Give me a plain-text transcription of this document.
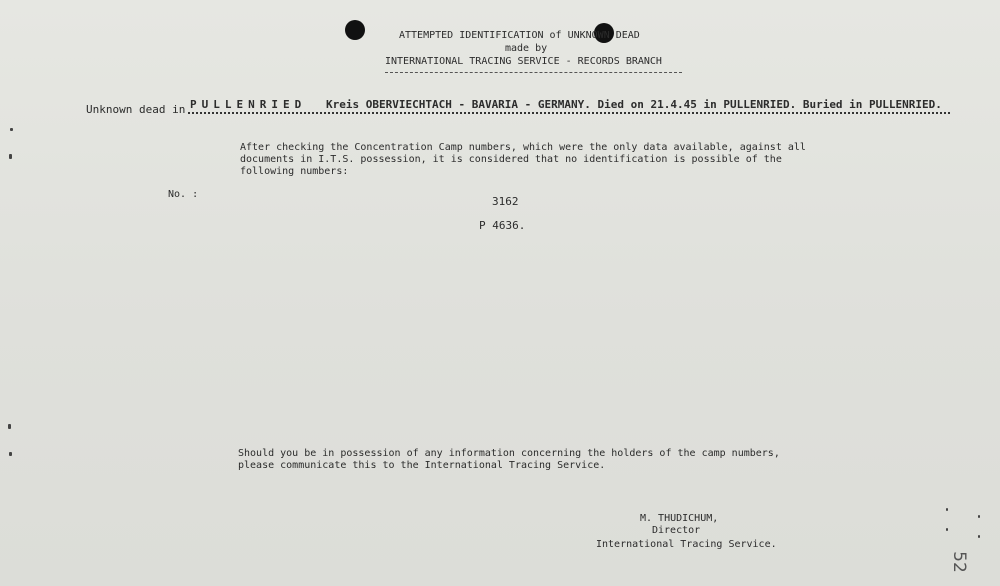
ATTEMPTED IDENTIFICATION of UNKNOWN DEAD
made by
INTERNATIONAL TRACING SERVICE - RECORDS BRANCH
Unknown dead in PULLENRIED Kreis OBERVIECHTACH - BAVARIA - GERMANY. Died on 21.4.45 in PULLENRIED. Buried in PULLENRIED.
After checking the Concentration Camp numbers, which were the only data available, against all
documents in I.T.S. possession, it is considered that no identification is possible of the
following numbers:
No. :
3162
P 4636.
Should you be in possession of any information concerning the holders of the camp numbers,
please communicate this to the International Tracing Service.
M. THUDICHUM,
Director
International Tracing Service.
52
